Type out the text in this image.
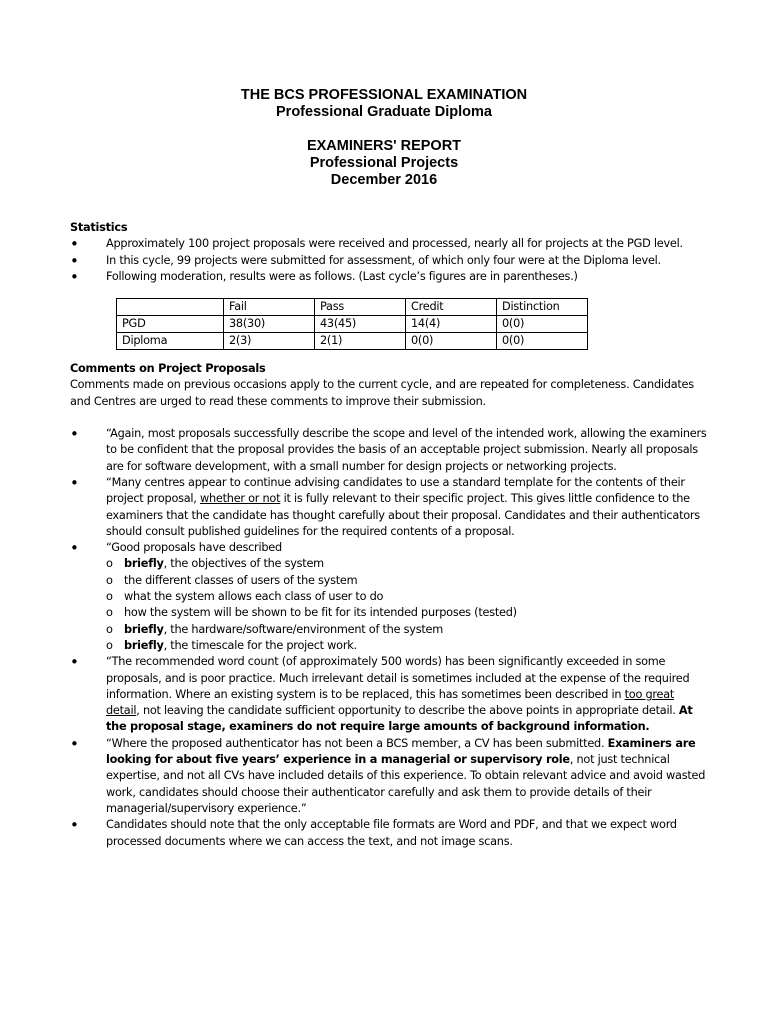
THE BCS PROFESSIONAL EXAMINATION
Professional Graduate Diploma
EXAMINERS' REPORT
Professional Projects
December 2016
Statistics
• Approximately 100 project proposals were received and processed, nearly all for projects at the PGD level.
• In this cycle, 99 projects were submitted for assessment, of which only four were at the Diploma level.
• Following moderation, results were as follows. (Last cycle’s figures are in parentheses.)
	Fail	Pass	Credit	Distinction
PGD	38(30)	43(45)	14(4)	0(0)
Diploma	2(3)	2(1)	0(0)	0(0)
Comments on Project Proposals
Comments made on previous occasions apply to the current cycle, and are repeated for completeness. Candidates and Centres are urged to read these comments to improve their submission.
• “Again, most proposals successfully describe the scope and level of the intended work, allowing the examiners to be confident that the proposal provides the basis of an acceptable project submission. Nearly all proposals are for software development, with a small number for design projects or networking projects.
• “Many centres appear to continue advising candidates to use a standard template for the contents of their project proposal, whether or not it is fully relevant to their specific project. This gives little confidence to the examiners that the candidate has thought carefully about their proposal. Candidates and their authenticators should consult published guidelines for the required contents of a proposal.
• “Good proposals have described
o briefly, the objectives of the system
o the different classes of users of the system
o what the system allows each class of user to do
o how the system will be shown to be fit for its intended purposes (tested)
o briefly, the hardware/software/environment of the system
o briefly, the timescale for the project work.
• “The recommended word count (of approximately 500 words) has been significantly exceeded in some proposals, and is poor practice. Much irrelevant detail is sometimes included at the expense of the required information. Where an existing system is to be replaced, this has sometimes been described in too great detail, not leaving the candidate sufficient opportunity to describe the above points in appropriate detail. At the proposal stage, examiners do not require large amounts of background information.
• “Where the proposed authenticator has not been a BCS member, a CV has been submitted. Examiners are looking for about five years’ experience in a managerial or supervisory role, not just technical expertise, and not all CVs have included details of this experience. To obtain relevant advice and avoid wasted work, candidates should choose their authenticator carefully and ask them to provide details of their managerial/supervisory experience.”
• Candidates should note that the only acceptable file formats are Word and PDF, and that we expect word processed documents where we can access the text, and not image scans.
